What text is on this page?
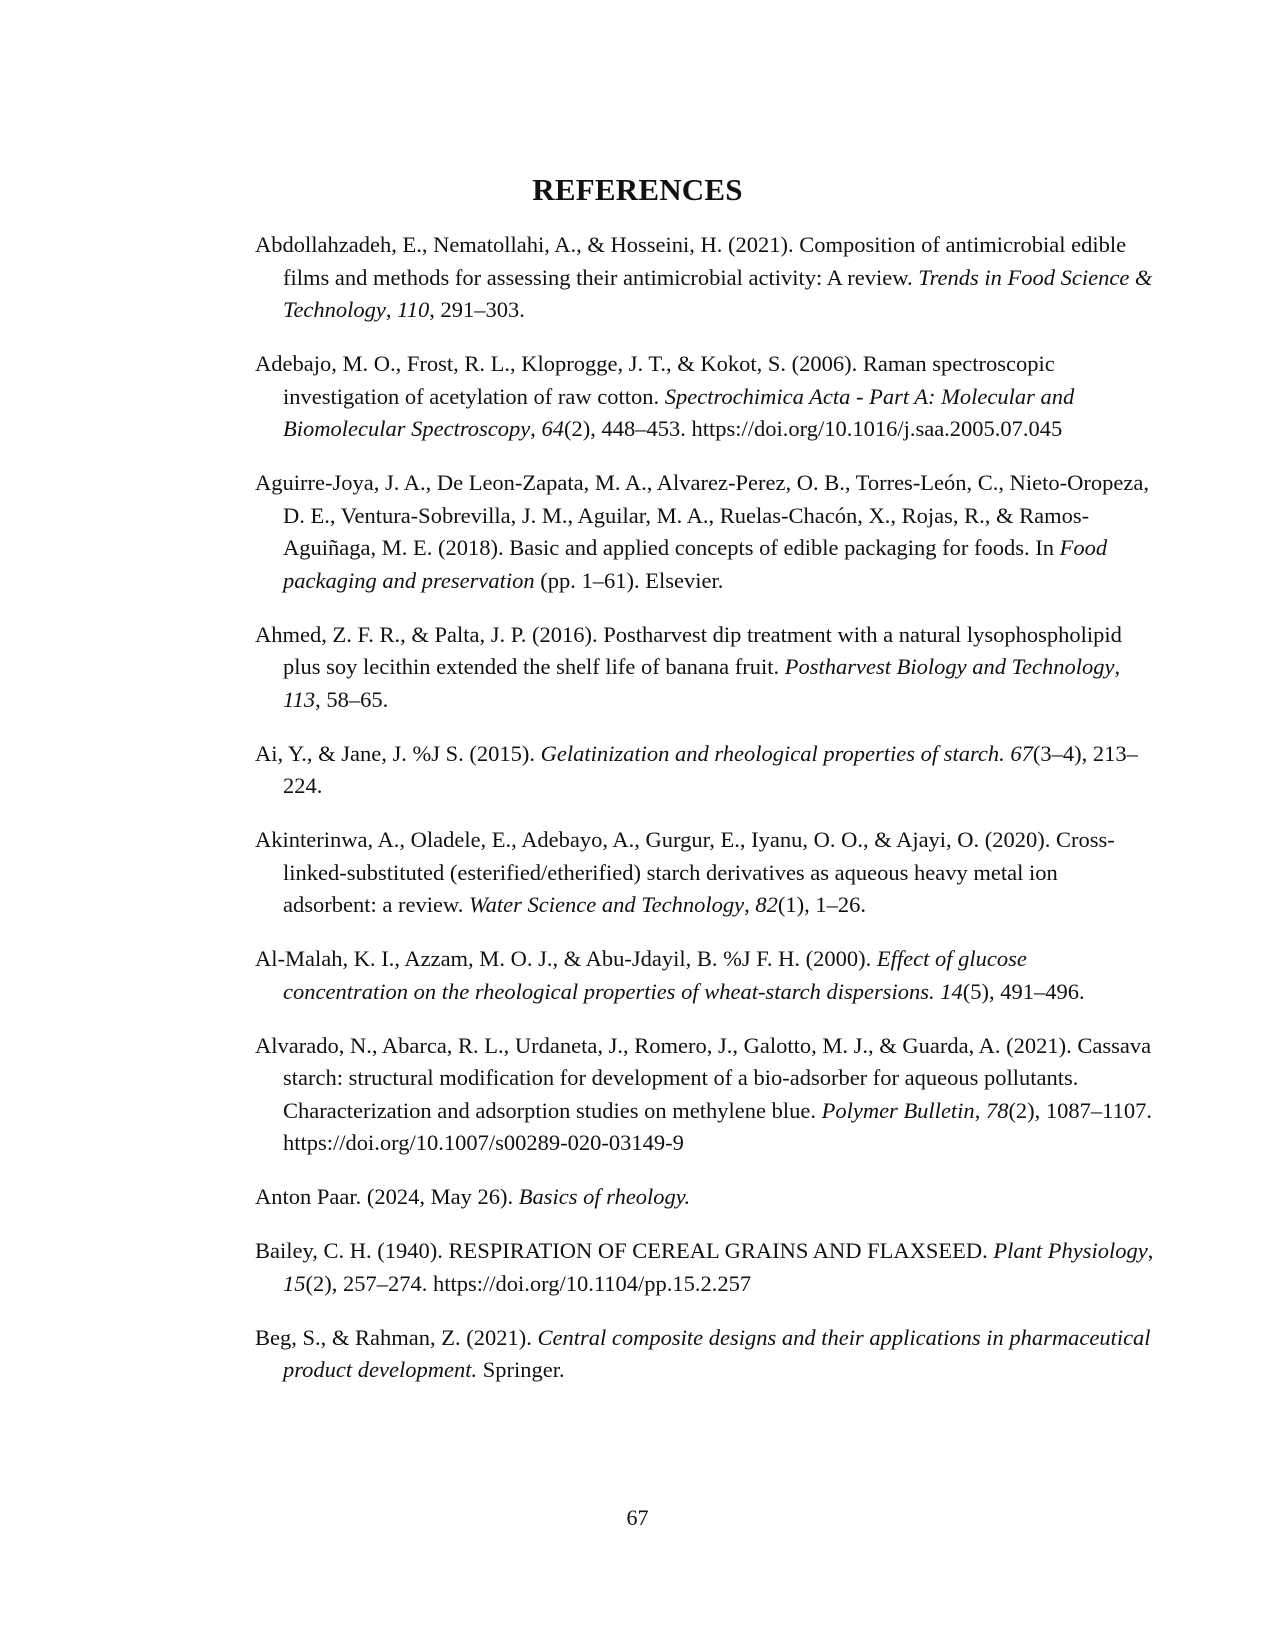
REFERENCES
Abdollahzadeh, E., Nematollahi, A., & Hosseini, H. (2021). Composition of antimicrobial edible films and methods for assessing their antimicrobial activity: A review. Trends in Food Science & Technology, 110, 291–303.
Adebajo, M. O., Frost, R. L., Kloprogge, J. T., & Kokot, S. (2006). Raman spectroscopic investigation of acetylation of raw cotton. Spectrochimica Acta - Part A: Molecular and Biomolecular Spectroscopy, 64(2), 448–453. https://doi.org/10.1016/j.saa.2005.07.045
Aguirre-Joya, J. A., De Leon-Zapata, M. A., Alvarez-Perez, O. B., Torres-León, C., Nieto-Oropeza, D. E., Ventura-Sobrevilla, J. M., Aguilar, M. A., Ruelas-Chacón, X., Rojas, R., & Ramos-Aguiñaga, M. E. (2018). Basic and applied concepts of edible packaging for foods. In Food packaging and preservation (pp. 1–61). Elsevier.
Ahmed, Z. F. R., & Palta, J. P. (2016). Postharvest dip treatment with a natural lysophospholipid plus soy lecithin extended the shelf life of banana fruit. Postharvest Biology and Technology, 113, 58–65.
Ai, Y., & Jane, J. %J S. (2015). Gelatinization and rheological properties of starch. 67(3–4), 213–224.
Akinterinwa, A., Oladele, E., Adebayo, A., Gurgur, E., Iyanu, O. O., & Ajayi, O. (2020). Cross-linked-substituted (esterified/etherified) starch derivatives as aqueous heavy metal ion adsorbent: a review. Water Science and Technology, 82(1), 1–26.
Al-Malah, K. I., Azzam, M. O. J., & Abu-Jdayil, B. %J F. H. (2000). Effect of glucose concentration on the rheological properties of wheat-starch dispersions. 14(5), 491–496.
Alvarado, N., Abarca, R. L., Urdaneta, J., Romero, J., Galotto, M. J., & Guarda, A. (2021). Cassava starch: structural modification for development of a bio-adsorber for aqueous pollutants. Characterization and adsorption studies on methylene blue. Polymer Bulletin, 78(2), 1087–1107. https://doi.org/10.1007/s00289-020-03149-9
Anton Paar. (2024, May 26). Basics of rheology.
Bailey, C. H. (1940). RESPIRATION OF CEREAL GRAINS AND FLAXSEED. Plant Physiology, 15(2), 257–274. https://doi.org/10.1104/pp.15.2.257
Beg, S., & Rahman, Z. (2021). Central composite designs and their applications in pharmaceutical product development. Springer.
67
